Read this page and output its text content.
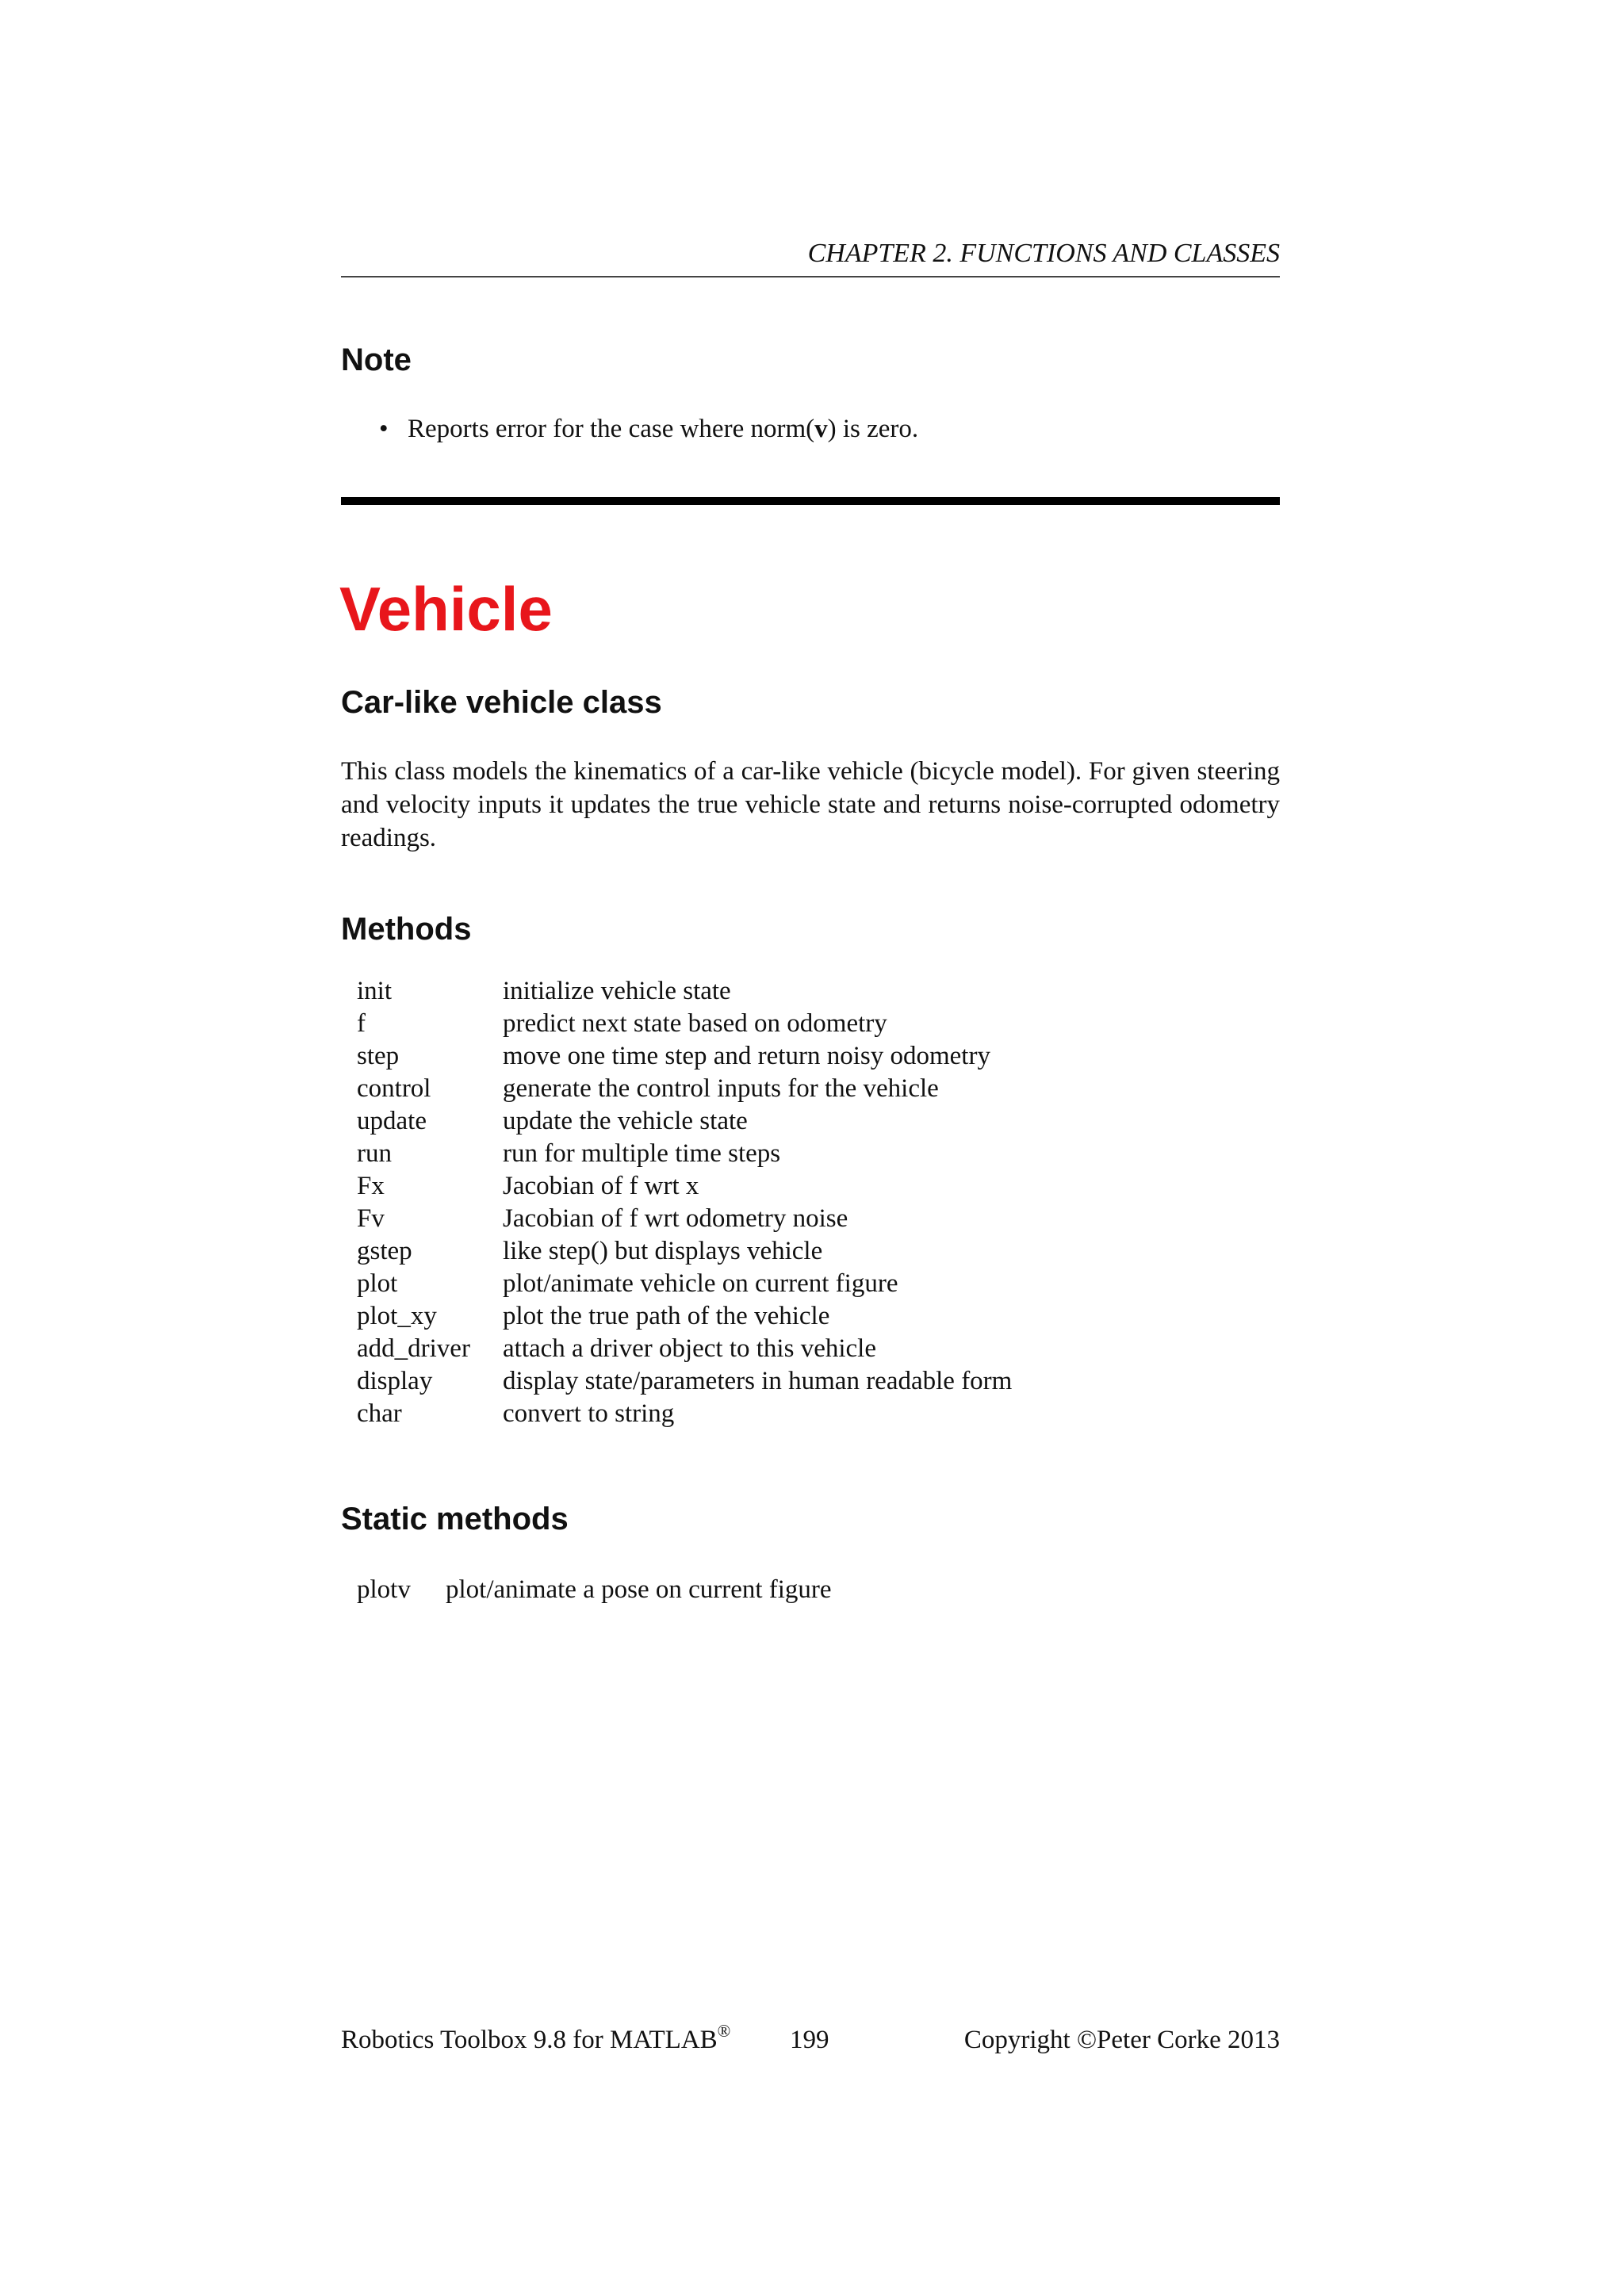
CHAPTER 2. FUNCTIONS AND CLASSES
Note
• Reports error for the case where norm(v) is zero.
Vehicle
Car-like vehicle class

This class models the kinematics of a car-like vehicle (bicycle model). For given steering and velocity inputs it updates the true vehicle state and returns noise-corrupted odometry readings.

Methods
init	initialize vehicle state
f	predict next state based on odometry
step	move one time step and return noisy odometry
control	generate the control inputs for the vehicle
update	update the vehicle state
run	run for multiple time steps
Fx	Jacobian of f wrt x
Fv	Jacobian of f wrt odometry noise
gstep	like step() but displays vehicle
plot	plot/animate vehicle on current figure
plot_xy	plot the true path of the vehicle
add_driver	attach a driver object to this vehicle
display	display state/parameters in human readable form
char	convert to string
Static methods
plotv	plot/animate a pose on current figure
Robotics Toolbox 9.8 for MATLAB® 199	Copyright ©Peter Corke 2013
